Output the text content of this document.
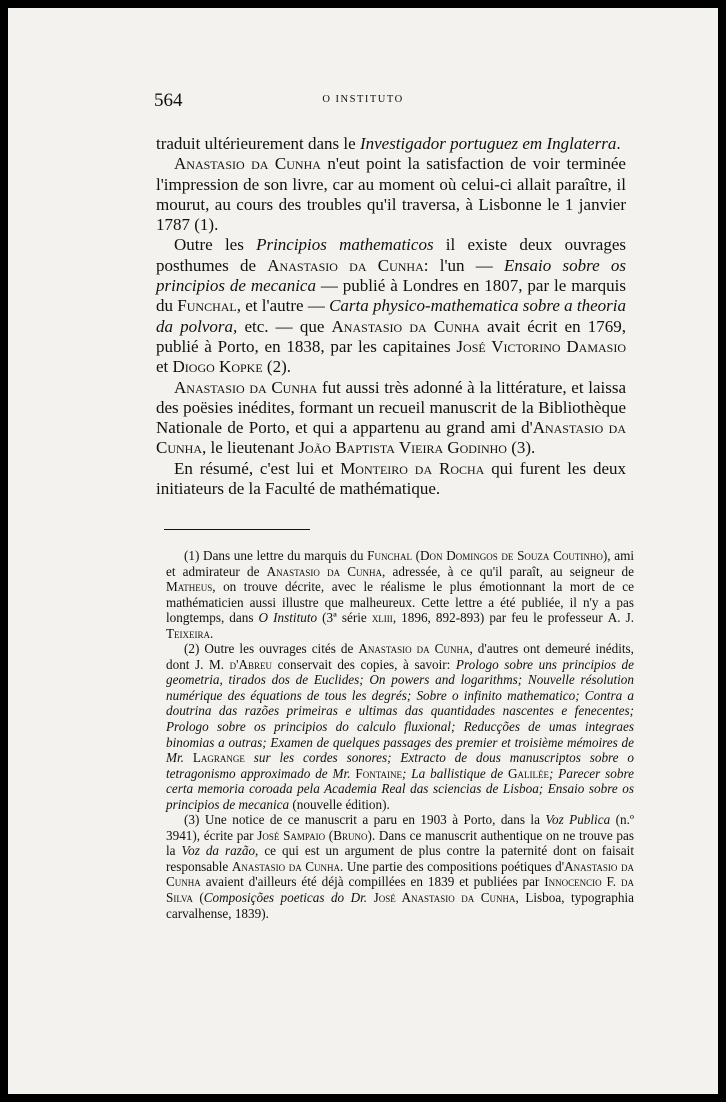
564	O INSTITUTO

traduit ultérieurement dans le Investigador portuguez em Inglaterra.

Anastasio da Cunha n'eut point la satisfaction de voir terminée l'impression de son livre, car au moment où celui-ci allait paraître, il mourut, au cours des troubles qu'il traversa, à Lisbonne le 1 janvier 1787 (1).

Outre les Principios mathematicos il existe deux ouvrages posthumes de Anastasio da Cunha: l'un — Ensaio sobre os principios de mecanica — publié à Londres en 1807, par le marquis du Funchal, et l'autre — Carta physico-mathematica sobre a theoria da polvora, etc. — que Anastasio da Cunha avait écrit en 1769, publié à Porto, en 1838, par les capitaines José Victorino Damasio et Diogo Kopke (2).

Anastasio da Cunha fut aussi très adonné à la littérature, et laissa des poësies inédites, formant un recueil manuscrit de la Bibliothèque Nationale de Porto, et qui a appartenu au grand ami d'Anastasio da Cunha, le lieutenant João Baptista Vieira Godinho (3).

En résumé, c'est lui et Monteiro da Rocha qui furent les deux initiateurs de la Faculté de mathématique.

(1) Dans une lettre du marquis du Funchal (Don Domingos de Souza Coutinho), ami et admirateur de Anastasio da Cunha, adressée, à ce qu'il paraît, au seigneur de Matheus, on trouve décrite, avec le réalisme le plus émotionnant la mort de ce mathématicien aussi illustre que malheureux. Cette lettre a été publiée, il n'y a pas longtemps, dans O Instituto (3ª série xliii, 1896, 892-893) par feu le professeur A. J. Teixeira.

(2) Outre les ouvrages cités de Anastasio da Cunha, d'autres ont demeuré inédits, dont J. M. d'Abreu conservait des copies, à savoir: Prologo sobre uns principios de geometria, tirados dos de Euclides; On powers and logarithms; Nouvelle résolution numérique des équations de tous les degrés; Sobre o infinito mathematico; Contra a doutrina das razões primeiras e ultimas das quantidades nascentes e fenecentes; Prologo sobre os principios do calculo fluxional; Reducções de umas integraes binomias a outras; Examen de quelques passages des premier et troisième mémoires de Mr. Lagrange sur les cordes sonores; Extracto de dous manuscriptos sobre o tetragonismo approximado de Mr. Fontaine; La ballistique de Galilée; Parecer sobre certa memoria coroada pela Academia Real das sciencias de Lisboa; Ensaio sobre os principios de mecanica (nouvelle édition).

(3) Une notice de ce manuscrit a paru en 1903 à Porto, dans la Voz Publica (n.º 3941), écrite par José Sampaio (Bruno). Dans ce manuscrit authentique on ne trouve pas la Voz da razão, ce qui est un argument de plus contre la paternité dont on faisait responsable Anastasio da Cunha. Une partie des compositions poétiques d'Anastasio da Cunha avaient d'ailleurs été déjà compillées en 1839 et publiées par Innocencio F. da Silva (Composições poeticas do Dr. José Anastasio da Cunha, Lisboa, typographia carvalhense, 1839).
